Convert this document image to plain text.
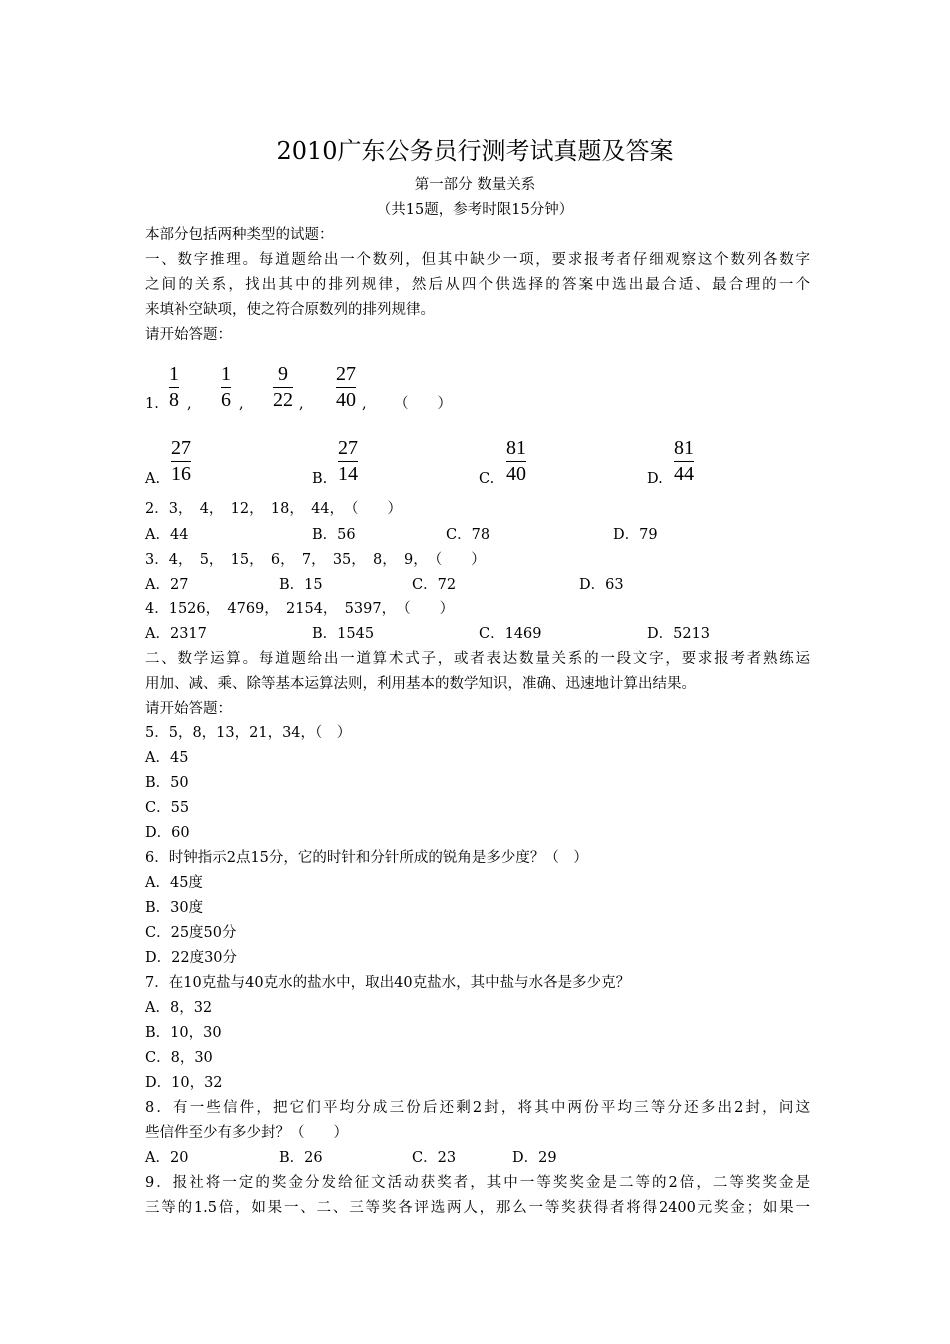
2010广东公务员行测考试真题及答案
第一部分 数量关系
（共15题，参考时限15分钟）
本部分包括两种类型的试题：
一、数字推理。每道题给出一个数列，但其中缺少一项，要求报考者仔细观察这个数列各数字
之间的关系，找出其中的排列规律，然后从四个供选择的答案中选出最合适、最合理的一个
来填补空缺项，使之符合原数列的排列规律。
请开始答题：
1.
1
8 ,
1
6 ,
9
22 ,
27
40 , （　　）
A.
27
16	B.
27
14	C.
81
40	D.
81
44
2．3，　4，　12，　18，　44，　（　　）
A．44	B．56	C．78	D．79
3．4，　5，　15，　6，　7，　35，　8，　9，　（　　）
A．27	B．15	C．72	D．63
4．1526，　4769，　2154，　5397，　（　　）
A．2317	B．1545	C．1469	D．5213
二、数学运算。每道题给出一道算术式子，或者表达数量关系的一段文字，要求报考者熟练运
用加、减、乘、除等基本运算法则，利用基本的数学知识，准确、迅速地计算出结果。
请开始答题：
5．5，8，13，21，34，（　）
A．45
B．50
C．55
D．60
6．时钟指示2点15分，它的时针和分针所成的锐角是多少度？（　）
A．45度
B．30度
C．25度50分
D．22度30分
7．在10克盐与40克水的盐水中，取出40克盐水，其中盐与水各是多少克？
A．8，32
B．10，30
C．8，30
D．10，32
8．有一些信件，把它们平均分成三份后还剩2封，将其中两份平均三等分还多出2封，问这
些信件至少有多少封？（　　）
A．20	B．26	C．23	D．29
9．报社将一定的奖金分发给征文活动获奖者，其中一等奖奖金是二等的2倍，二等奖奖金是
三等的1.5倍，如果一、二、三等奖各评选两人，那么一等奖获得者将得2400元奖金；如果一
